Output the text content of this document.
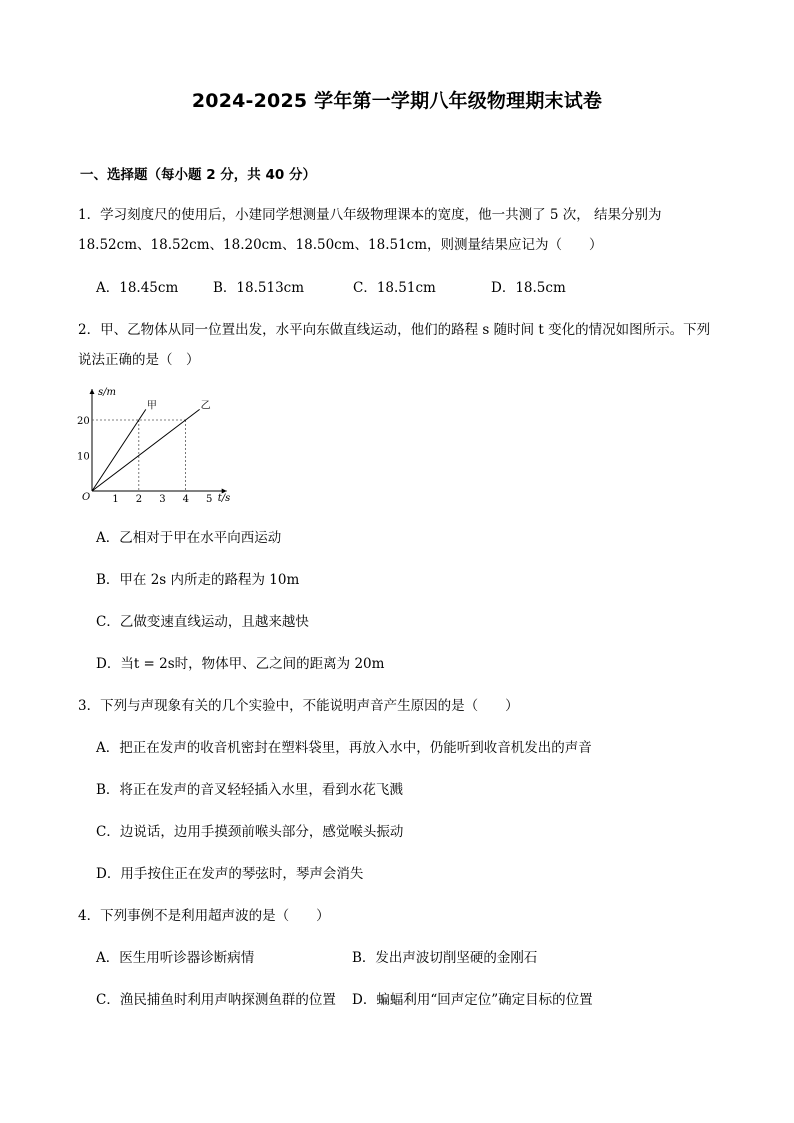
2024-2025 学年第一学期八年级物理期末试卷
一、选择题（每小题 2 分，共 40 分）
1．学习刻度尺的使用后，小建同学想测量八年级物理课本的宽度，他一共测了 5 次， 结果分别为
18.52cm、18.52cm、18.20cm、18.50cm、18.51cm，则测量结果应记为（　　）
A．18.45cm	B．18.513cm	C．18.51cm	D．18.5cm
2．甲、乙物体从同一位置出发，水平向东做直线运动，他们的路程 s 随时间 t 变化的情况如图所示。下列
说法正确的是（　）
s/m
t/s
O 1 2 3 4 5
10
20
甲	乙
A．乙相对于甲在水平向西运动
B．甲在 2s 内所走的路程为 10m
C．乙做变速直线运动，且越来越快
D．当t = 2s时，物体甲、乙之间的距离为 20m
3．下列与声现象有关的几个实验中，不能说明声音产生原因的是（　　）
A．把正在发声的收音机密封在塑料袋里，再放入水中，仍能听到收音机发出的声音
B．将正在发声的音叉轻轻插入水里，看到水花飞溅
C．边说话，边用手摸颈前喉头部分，感觉喉头振动
D．用手按住正在发声的琴弦时，琴声会消失
4．下列事例不是利用超声波的是（　　）
A．医生用听诊器诊断病情	B．发出声波切削坚硬的金刚石
C．渔民捕鱼时利用声呐探测鱼群的位置 D．蝙蝠利用“回声定位”确定目标的位置
